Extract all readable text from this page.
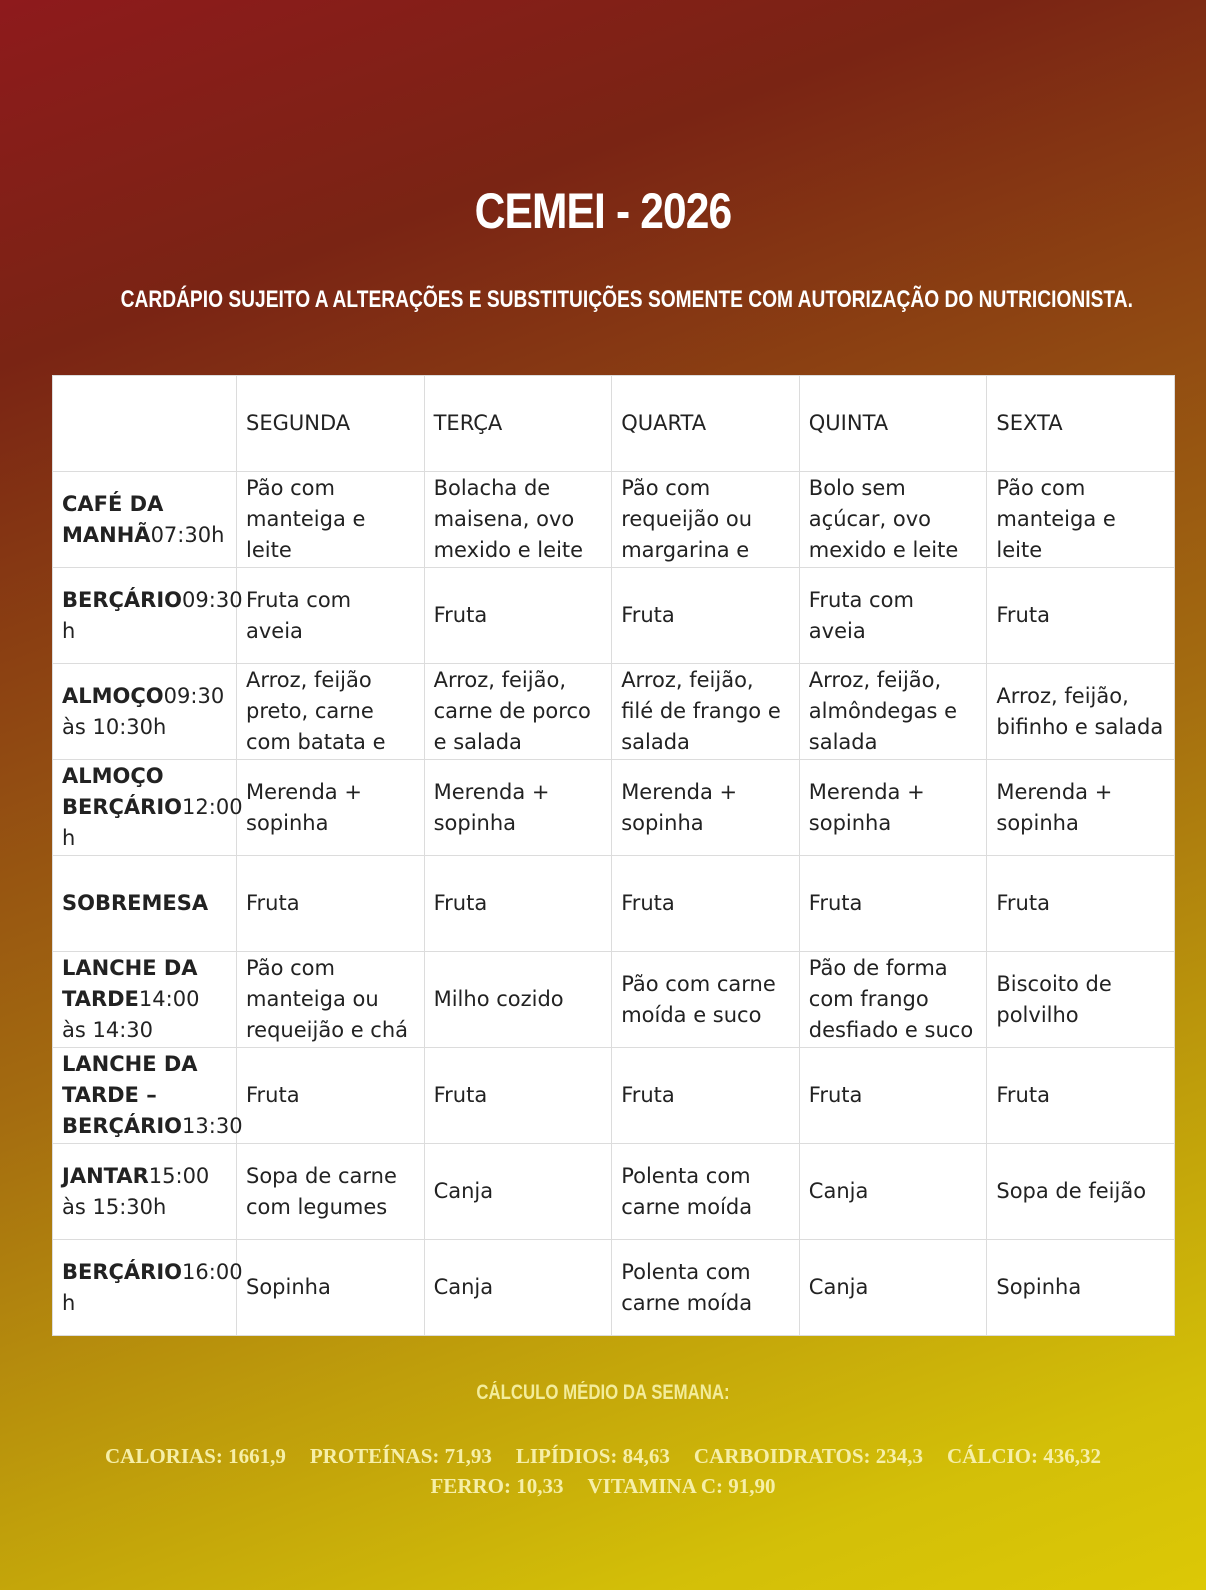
CEMEI - 2026
CARDÁPIO SUJEITO A ALTERAÇÕES E SUBSTITUIÇÕES SOMENTE COM AUTORIZAÇÃO DO NUTRICIONISTA.
	SEGUNDA	TERÇA	QUARTA	QUINTA	SEXTA

CAFÉ DA MANHÃ07:30h	Pão com manteiga e leite	Bolacha de maisena, ovo mexido e leite	Pão com requeijão ou margarina e	Bolo sem açúcar, ovo mexido e leite	Pão com manteiga e leite

BERÇÁRIO09:30 h	Fruta com aveia	Fruta	Fruta	Fruta com aveia	Fruta

ALMOÇO09:30 às 10:30h	Arroz, feijão preto, carne com batata e	Arroz, feijão, carne de porco e salada	Arroz, feijão, filé de frango e salada	Arroz, feijão, almôndegas e salada	Arroz, feijão, bifinho e salada

ALMOÇO BERÇÁRIO12:00 h	Merenda + sopinha	Merenda + sopinha	Merenda + sopinha	Merenda + sopinha	Merenda + sopinha

SOBREMESA	Fruta	Fruta	Fruta	Fruta	Fruta

LANCHE DA TARDE14:00 às 14:30	Pão com manteiga ou requeijão e chá	Milho cozido	Pão com carne moída e suco	Pão de forma com frango desfiado e suco	Biscoito de polvilho

LANCHE DA TARDE – BERÇÁRIO13:30	Fruta	Fruta	Fruta	Fruta	Fruta

JANTAR15:00 às 15:30h	Sopa de carne com legumes	Canja	Polenta com carne moída	Canja	Sopa de feijão

BERÇÁRIO16:00 h	Sopinha	Canja	Polenta com carne moída	Canja	Sopinha
CÁLCULO MÉDIO DA SEMANA:
CALORIAS: 1661,9 PROTEÍNAS: 71,93 LIPÍDIOS: 84,63 CARBOIDRATOS: 234,3 CÁLCIO: 436,32
FERRO: 10,33 VITAMINA C: 91,90
